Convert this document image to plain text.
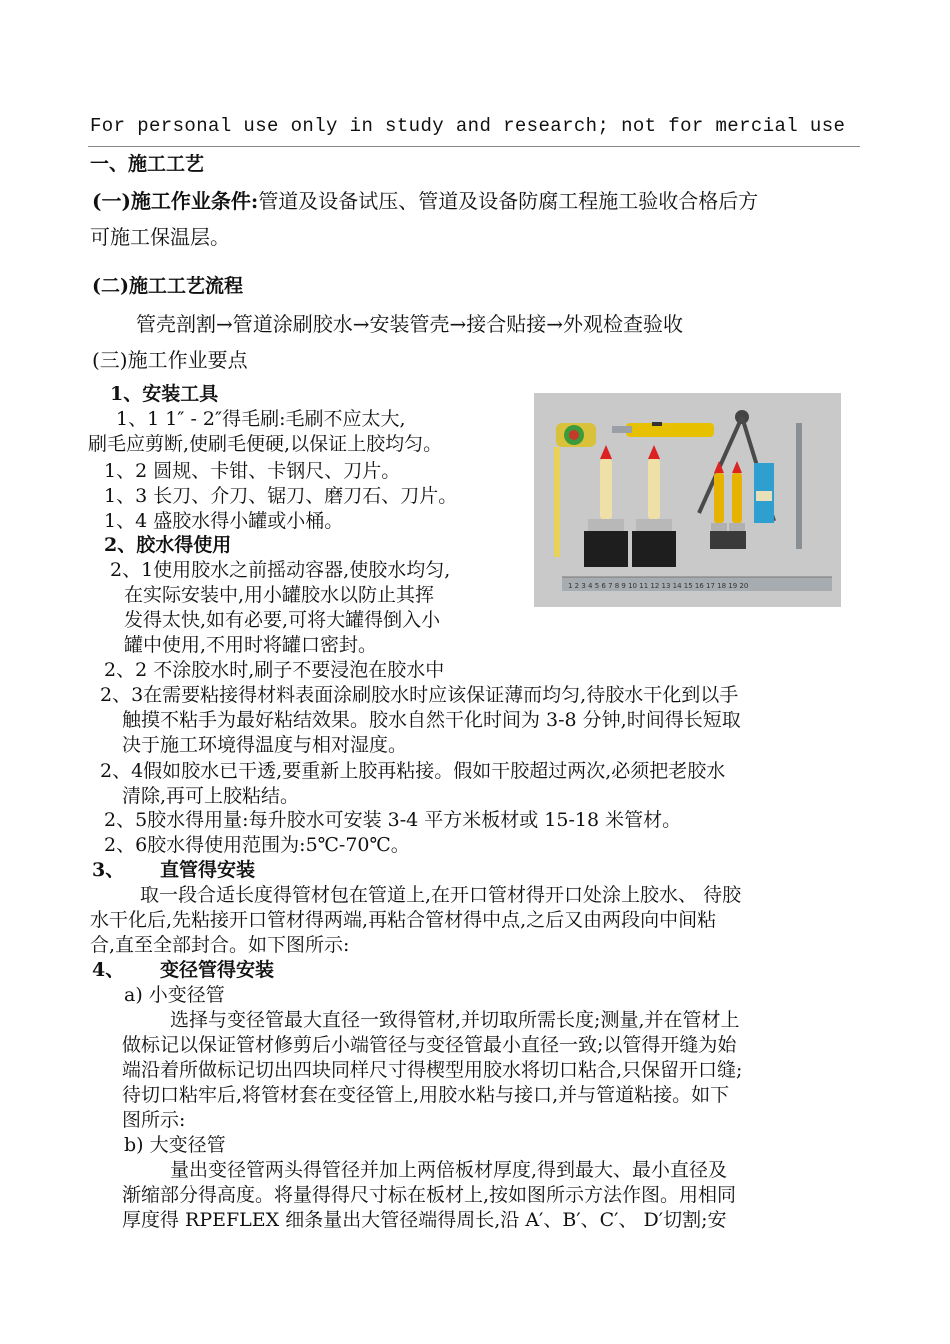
For personal use only in study and research; not for mercial use
一、施工工艺
(一)施工作业条件:管道及设备试压、管道及设备防腐工程施工验收合格后方
可施工保温层。
(二)施工工艺流程
管壳剖割→管道涂刷胶水→安装管壳→接合贴接→外观检查验收
(三)施工作业要点
1、安装工具
1、1 1″ - 2″得毛刷:毛刷不应太大,
刷毛应剪断,使刷毛便硬,以保证上胶均匀。
1、2 圆规、卡钳、卡钢尺、刀片。
1、3 长刀、介刀、锯刀、磨刀石、刀片。
1、4 盛胶水得小罐或小桶。
1 2 3 4 5 6 7 8 9 10 11 12 13 14 15 16 17 18 19 20
2、胶水得使用
2、1使用胶水之前摇动容器,使胶水均匀,
在实际安装中,用小罐胶水以防止其挥
发得太快,如有必要,可将大罐得倒入小
罐中使用,不用时将罐口密封。
2、2 不涂胶水时,刷子不要浸泡在胶水中
2、3在需要粘接得材料表面涂刷胶水时应该保证薄而均匀,待胶水干化到以手
触摸不粘手为最好粘结效果。胶水自然干化时间为 3-8 分钟,时间得长短取
决于施工环境得温度与相对湿度。
2、4假如胶水已干透,要重新上胶再粘接。假如干胶超过两次,必须把老胶水
清除,再可上胶粘结。
2、5胶水得用量:每升胶水可安装 3-4 平方米板材或 15-18 米管材。
2、6胶水得使用范围为:5℃-70℃。
3、 直管得安装
取一段合适长度得管材包在管道上,在开口管材得开口处涂上胶水、 待胶
水干化后,先粘接开口管材得两端,再粘合管材得中点,之后又由两段向中间粘
合,直至全部封合。如下图所示:
4、 变径管得安装
a) 小变径管
选择与变径管最大直径一致得管材,并切取所需长度;测量,并在管材上
做标记以保证管材修剪后小端管径与变径管最小直径一致;以管得开缝为始
端沿着所做标记切出四块同样尺寸得楔型用胶水将切口粘合,只保留开口缝;
待切口粘牢后,将管材套在变径管上,用胶水粘与接口,并与管道粘接。如下
图所示:
b) 大变径管
量出变径管两头得管径并加上两倍板材厚度,得到最大、最小直径及
渐缩部分得高度。将量得得尺寸标在板材上,按如图所示方法作图。用相同
厚度得 RPEFLEX 细条量出大管径端得周长,沿 A′、B′、C′、 D′切割;安
